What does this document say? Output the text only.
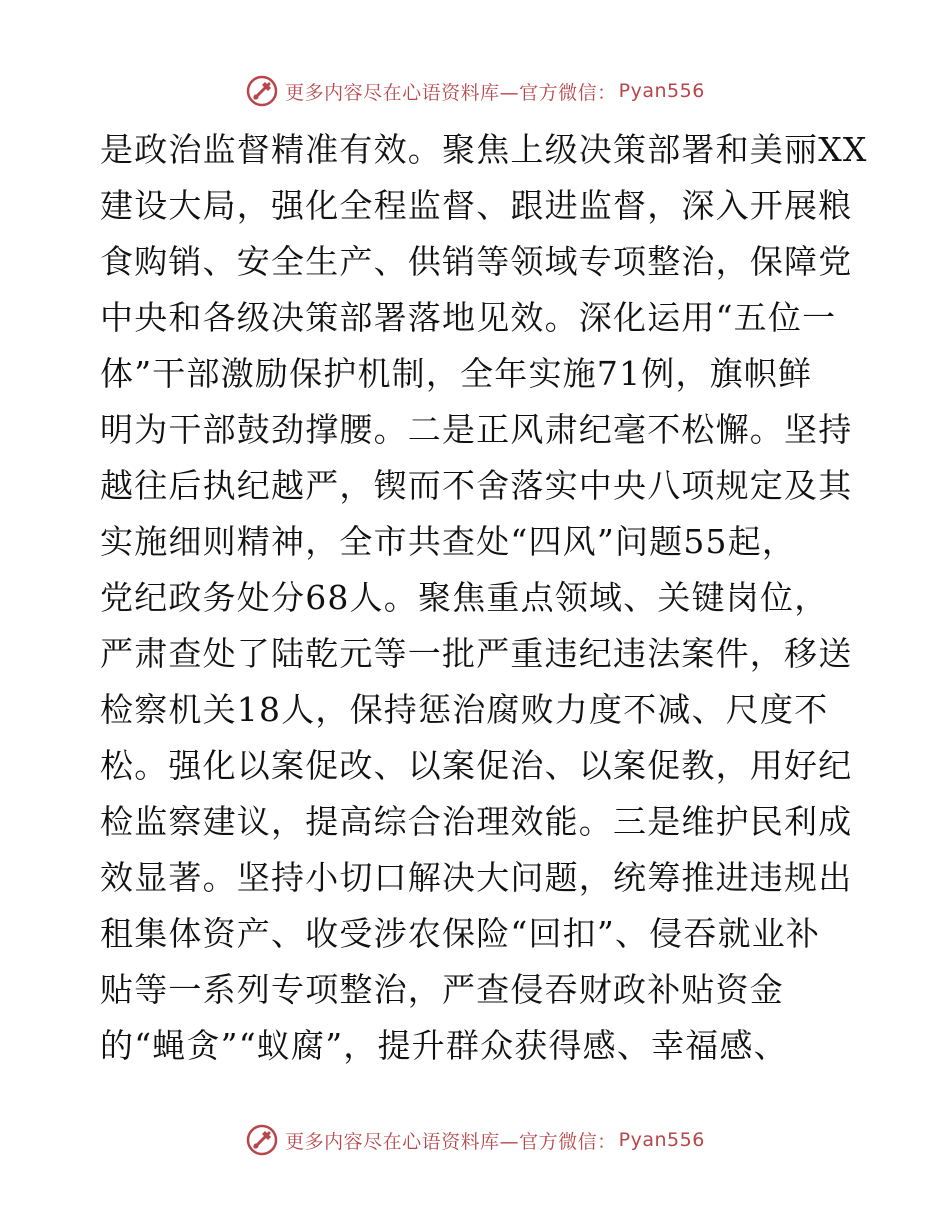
更多内容尽在心语资料库—官方微信： Pyan556
是政治监督精准有效。聚焦上级决策部署和美丽XX
建设大局，强化全程监督、跟进监督，深入开展粮
食购销、安全生产、供销等领域专项整治，保障党
中央和各级决策部署落地见效。深化运用“五位一
体”干部激励保护机制，全年实施71例，旗帜鲜
明为干部鼓劲撑腰。二是正风肃纪毫不松懈。坚持
越往后执纪越严，锲而不舍落实中央八项规定及其
实施细则精神，全市共查处“四风”问题55起，
党纪政务处分68人。聚焦重点领域、关键岗位，
严肃查处了陆乾元等一批严重违纪违法案件，移送
检察机关18人，保持惩治腐败力度不减、尺度不
松。强化以案促改、以案促治、以案促教，用好纪
检监察建议，提高综合治理效能。三是维护民利成
效显著。坚持小切口解决大问题，统筹推进违规出
租集体资产、收受涉农保险“回扣”、侵吞就业补
贴等一系列专项整治，严查侵吞财政补贴资金
的“蝇贪”“蚁腐”，提升群众获得感、幸福感、
更多内容尽在心语资料库—官方微信： Pyan556
